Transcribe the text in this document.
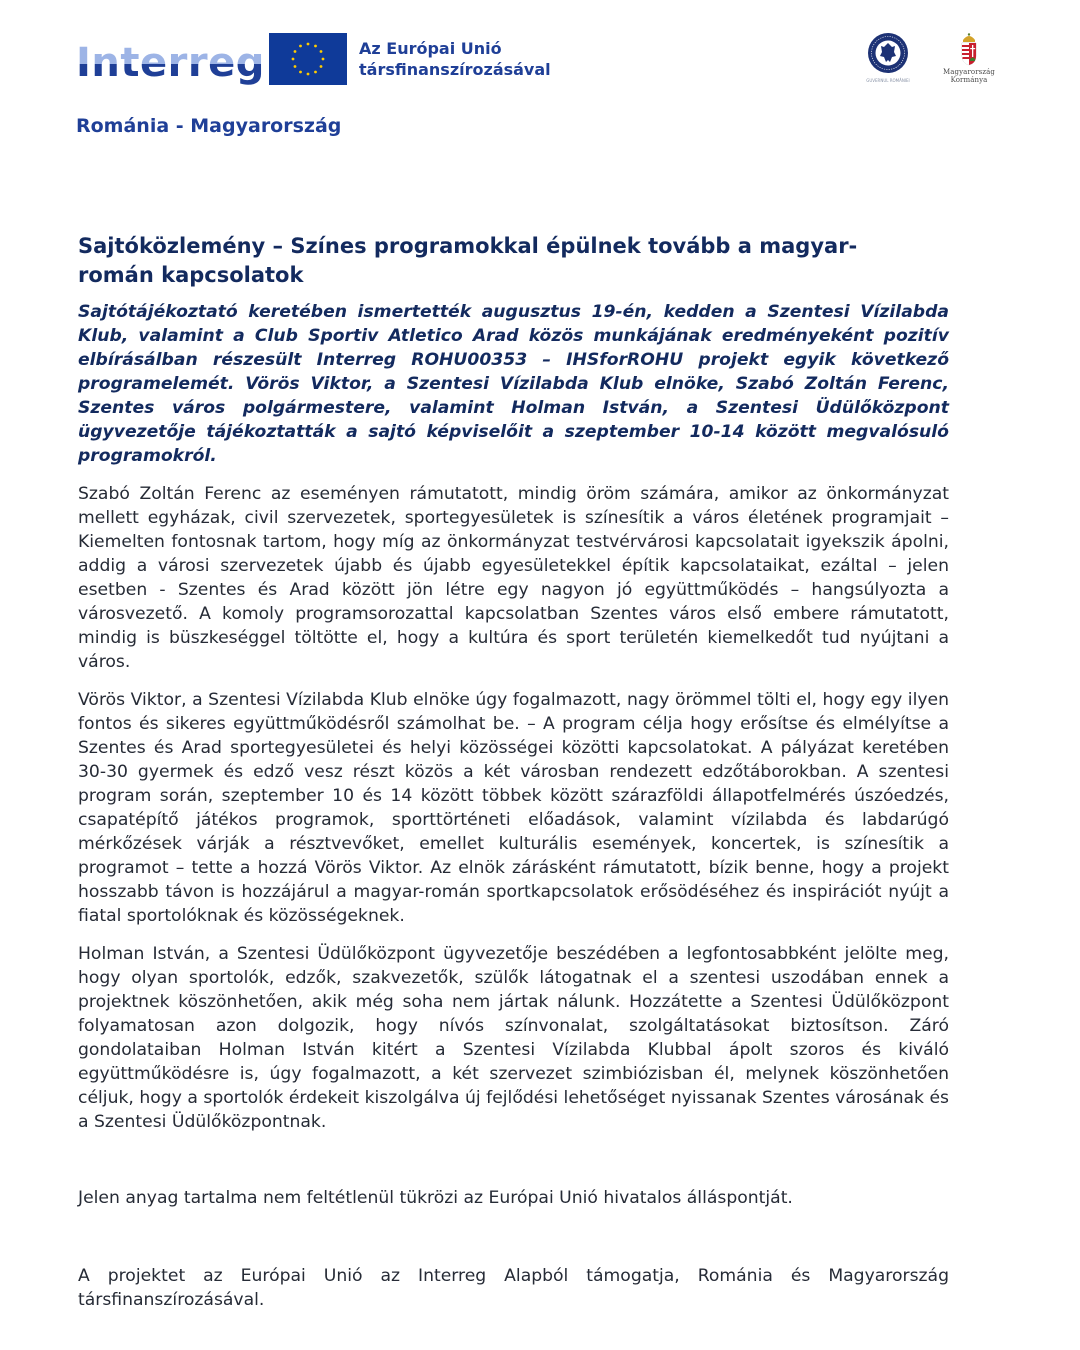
Interreg	Az Európai Unió
társfinanszírozásával
Románia - Magyarország
GUVERNUL ROMÂNIEI
Magyarország
Kormánya
Sajtóközlemény – Színes programokkal épülnek tovább a magyar-román kapcsolatok

Sajtótájékoztató keretében ismertették augusztus 19-én, kedden a Szentesi Vízilabda Klub, valamint a Club Sportiv Atletico Arad közös munkájának eredményeként pozitív elbírásálban részesült Interreg ROHU00353 – IHSforROHU projekt egyik következő programelemét. Vörös Viktor, a Szentesi Vízilabda Klub elnöke, Szabó Zoltán Ferenc, Szentes város polgármestere, valamint Holman István, a Szentesi Üdülőközpont ügyvezetője tájékoztatták a sajtó képviselőit a szeptember 10-14 között megvalósuló programokról.

Szabó Zoltán Ferenc az eseményen rámutatott, mindig öröm számára, amikor az önkormányzat mellett egyházak, civil szervezetek, sportegyesületek is színesítik a város életének programjait – Kiemelten fontosnak tartom, hogy míg az önkormányzat testvérvárosi kapcsolatait igyekszik ápolni, addig a városi szervezetek újabb és újabb egyesületekkel építik kapcsolataikat, ezáltal – jelen esetben - Szentes és Arad között jön létre egy nagyon jó együttműködés – hangsúlyozta a városvezető. A komoly programsorozattal kapcsolatban Szentes város első embere rámutatott, mindig is büszkeséggel töltötte el, hogy a kultúra és sport területén kiemelkedőt tud nyújtani a város.

Vörös Viktor, a Szentesi Vízilabda Klub elnöke úgy fogalmazott, nagy örömmel tölti el, hogy egy ilyen fontos és sikeres együttműködésről számolhat be. – A program célja hogy erősítse és elmélyítse a Szentes és Arad sportegyesületei és helyi közösségei közötti kapcsolatokat. A pályázat keretében 30-30 gyermek és edző vesz részt közös a két városban rendezett edzőtáborokban. A szentesi program során, szeptember 10 és 14 között többek között szárazföldi állapotfelmérés úszóedzés, csapatépítő játékos programok, sporttörténeti előadások, valamint vízilabda és labdarúgó mérkőzések várják a résztvevőket, emellet kulturális események, koncertek, is színesítik a programot – tette a hozzá Vörös Viktor. Az elnök zárásként rámutatott, bízik benne, hogy a projekt hosszabb távon is hozzájárul a magyar-román sportkapcsolatok erősödéséhez és inspirációt nyújt a fiatal sportolóknak és közösségeknek.

Holman István, a Szentesi Üdülőközpont ügyvezetője beszédében a legfontosabbként jelölte meg, hogy olyan sportolók, edzők, szakvezetők, szülők látogatnak el a szentesi uszodában ennek a projektnek köszönhetően, akik még soha nem jártak nálunk. Hozzátette a Szentesi Üdülőközpont folyamatosan azon dolgozik, hogy nívós színvonalat, szolgáltatásokat biztosítson. Záró gondolataiban Holman István kitért a Szentesi Vízilabda Klubbal ápolt szoros és kiváló együttműködésre is, úgy fogalmazott, a két szervezet szimbiózisban él, melynek köszönhetően céljuk, hogy a sportolók érdekeit kiszolgálva új fejlődési lehetőséget nyissanak Szentes városának és a Szentesi Üdülőközpontnak.

Jelen anyag tartalma nem feltétlenül tükrözi az Európai Unió hivatalos álláspontját.

A projektet az Európai Unió az Interreg Alapból támogatja, Románia és Magyarország társfinanszírozásával.
